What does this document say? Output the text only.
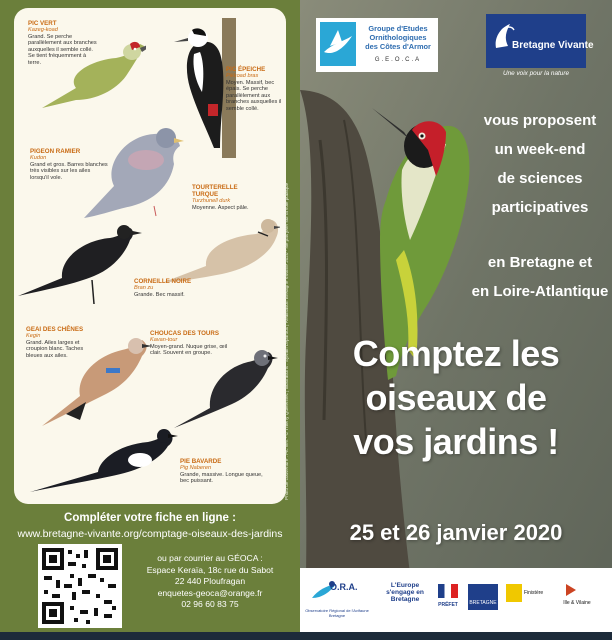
PIC VERT
Kazeg-koad
Grand. Se perche parallèlement aux branches auxquelles il semble collé. Se tient fréquemment à terre.
PIC ÉPEICHE
Pikkoad bras
Moyen. Massif, bec épais. Se perche parallèlement aux branches auxquelles il semble collé.
PIGEON RAMIER
Kudon
Grand et gros. Barres blanches très visibles sur les ailes lorsqu'il vole.
TOURTERELLE TURQUE
Turzhunell durk
Moyenne. Aspect pâle.
CORNEILLE NOIRE
Bran zu
Grande. Bec massif.
GEAI DES CHÊNES
Kegin
Grand. Ailes larges et croupion blanc. Taches bleues aux ailes.
CHOUCAS DES TOURS
Kavan-tour
Moyen-grand. Nuque grise, œil clair. Souvent en groupe.
PIE BAVARDE
Pig Naberen
Grande, massive. Longue queue, bec puissant.	Photo de couverture : Pic vert - © Thierry Quelennec | Illustrations : Sylvain Leparoux | Réalisation Bretagne Vivante 2020 - Ne pas jeter sur la voie publique
Compléter votre fiche en ligne :
www.bretagne-vivante.org/comptage-oiseaux-des-jardins
ou par courrier au GÉOCA :
Espace Keraïa, 18c rue du Sabot
22 440 Ploufragan
enquetes-geoca@orange.fr
02 96 60 83 75
Groupe d'Etudes
Ornithologiques
des Côtes d'Armor
G.E.O.C.A
Bretagne Vivante
Une voix pour la nature
vous proposent
un week-end
de sciences
participatives
en Bretagne et
en Loire-Atlantique
Comptez les
oiseaux de
vos jardins !
25 et 26 janvier 2020
O.R.A.
Observatoire Régional de l'Avifaune Bretagne
L'Europe s'engage en Bretagne
PRÉFET	BRETAGNE
Finistère
Ille & Vilaine
